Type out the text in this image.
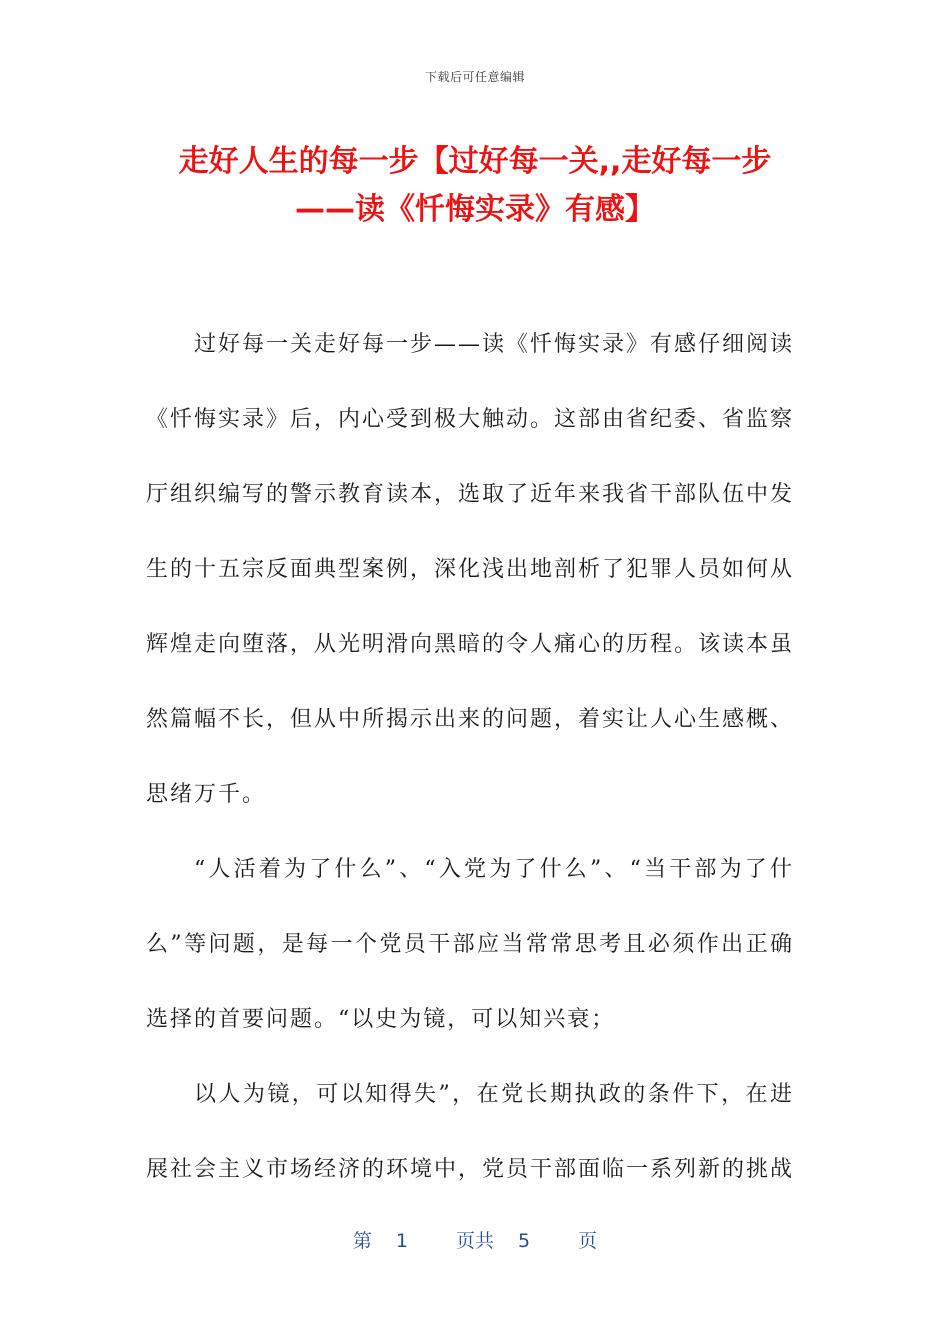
下载后可任意编辑
走好人生的每一步【过好每一关,,走好每一步
——读《忏悔实录》有感】

过好每一关走好每一步——读《忏悔实录》有感仔细阅读《忏悔实录》后，内心受到极大触动。这部由省纪委、省监察厅组织编写的警示教育读本，选取了近年来我省干部队伍中发生的十五宗反面典型案例，深化浅出地剖析了犯罪人员如何从辉煌走向堕落，从光明滑向黑暗的令人痛心的历程。该读本虽然篇幅不长，但从中所揭示出来的问题，着实让人心生感概、思绪万千。

“人活着为了什么”、“入党为了什么”、“当干部为了什么”等问题，是每一个党员干部应当常常思考且必须作出正确选择的首要问题。“以史为镜，可以知兴衰；

以人为镜，可以知得失”，在党长期执政的条件下，在进展社会主义市场经济的环境中，党员干部面临一系列新的挑战

第 1	页共 5	页
